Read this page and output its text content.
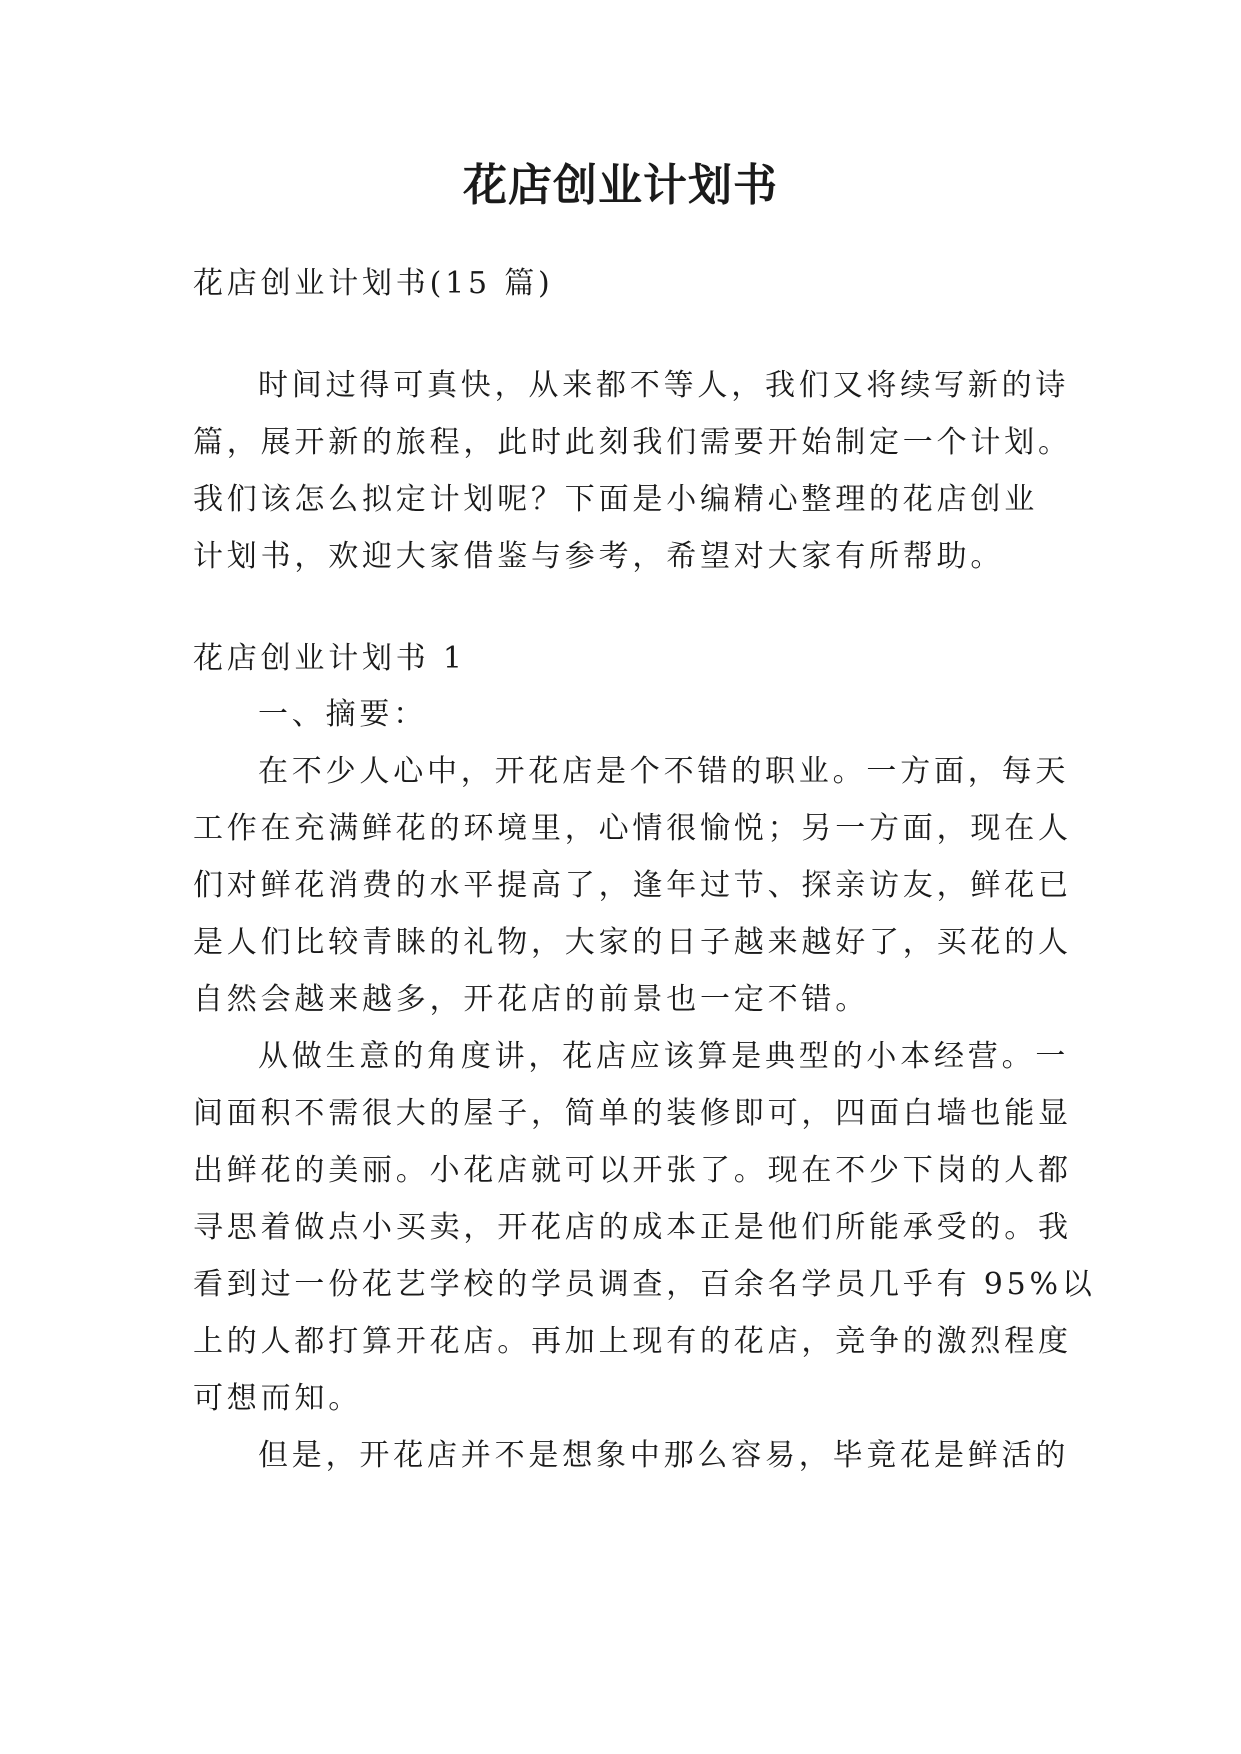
花店创业计划书

花店创业计划书(15 篇)

时间过得可真快，从来都不等人，我们又将续写新的诗

篇，展开新的旅程，此时此刻我们需要开始制定一个计划。

我们该怎么拟定计划呢？下面是小编精心整理的花店创业

计划书，欢迎大家借鉴与参考，希望对大家有所帮助。

花店创业计划书 1

一、摘要：

在不少人心中，开花店是个不错的职业。一方面，每天

工作在充满鲜花的环境里，心情很愉悦；另一方面，现在人

们对鲜花消费的水平提高了，逢年过节、探亲访友，鲜花已

是人们比较青睐的礼物，大家的日子越来越好了，买花的人

自然会越来越多，开花店的前景也一定不错。

从做生意的角度讲，花店应该算是典型的小本经营。一

间面积不需很大的屋子，简单的装修即可，四面白墙也能显

出鲜花的美丽。小花店就可以开张了。现在不少下岗的人都

寻思着做点小买卖，开花店的成本正是他们所能承受的。我

看到过一份花艺学校的学员调查，百余名学员几乎有 95%以

上的人都打算开花店。再加上现有的花店，竞争的激烈程度

可想而知。

但是，开花店并不是想象中那么容易，毕竟花是鲜活的
